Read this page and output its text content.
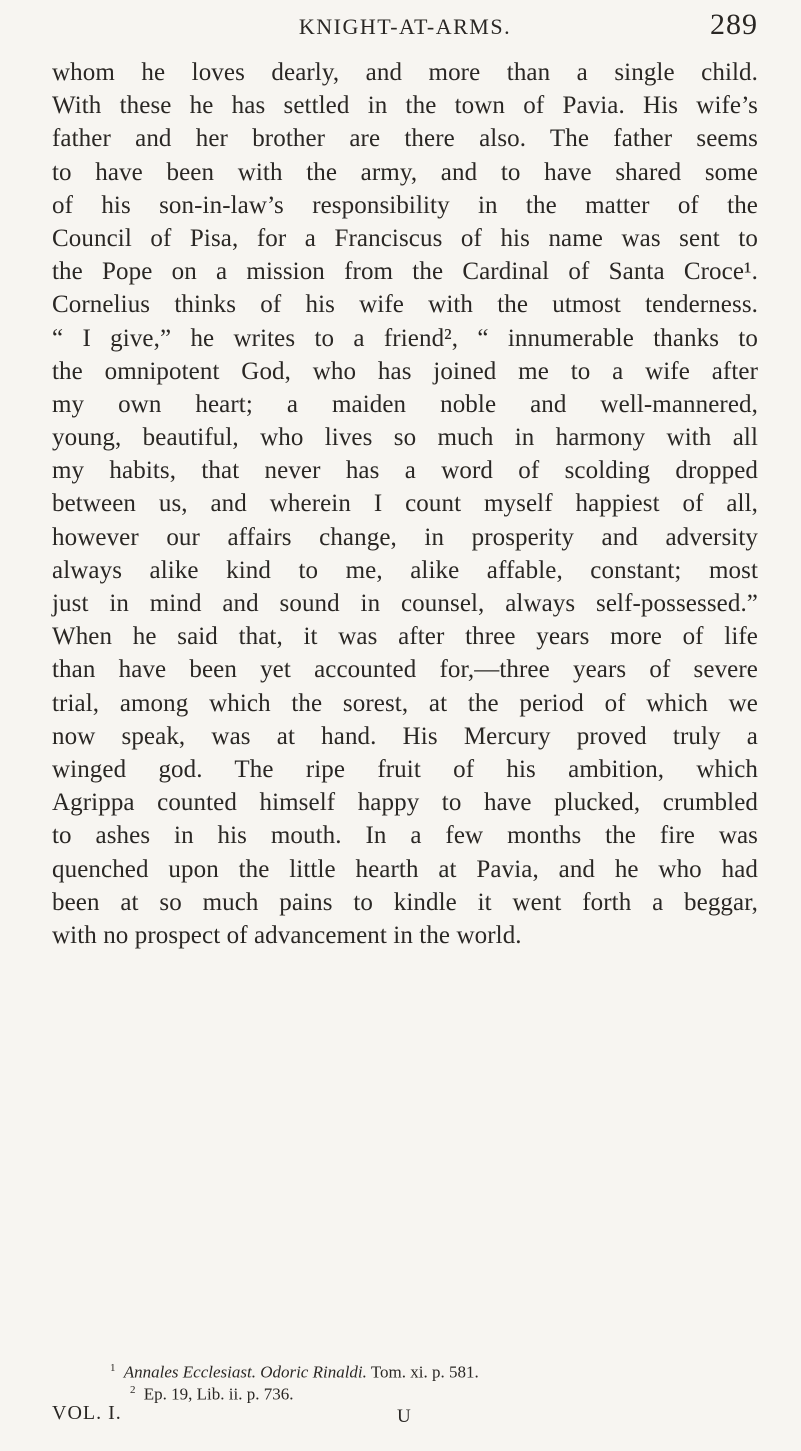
KNIGHT-AT-ARMS.	289
whom he loves dearly, and more than a single child.
With these he has settled in the town of Pavia. His wife’s
father and her brother are there also. The father seems
to have been with the army, and to have shared some
of his son-in-law’s responsibility in the matter of the
Council of Pisa, for a Franciscus of his name was sent to
the Pope on a mission from the Cardinal of Santa Croce¹.
Cornelius thinks of his wife with the utmost tenderness.
“ I give,” he writes to a friend², “ innumerable thanks to
the omnipotent God, who has joined me to a wife after
my own heart; a maiden noble and well-mannered,
young, beautiful, who lives so much in harmony with all
my habits, that never has a word of scolding dropped
between us, and wherein I count myself happiest of all,
however our affairs change, in prosperity and adversity
always alike kind to me, alike affable, constant; most
just in mind and sound in counsel, always self-possessed.”
When he said that, it was after three years more of life
than have been yet accounted for,—three years of severe
trial, among which the sorest, at the period of which we
now speak, was at hand. His Mercury proved truly a
winged god. The ripe fruit of his ambition, which
Agrippa counted himself happy to have plucked, crumbled
to ashes in his mouth. In a few months the fire was
quenched upon the little hearth at Pavia, and he who had
been at so much pains to kindle it went forth a beggar,
with no prospect of advancement in the world.
$^1$ Annales Ecclesiast. Odoric Rinaldi. Tom. xi. p. 581.
$^2$ Ep. 19, Lib. ii. p. 736.
VOL. I.	U
